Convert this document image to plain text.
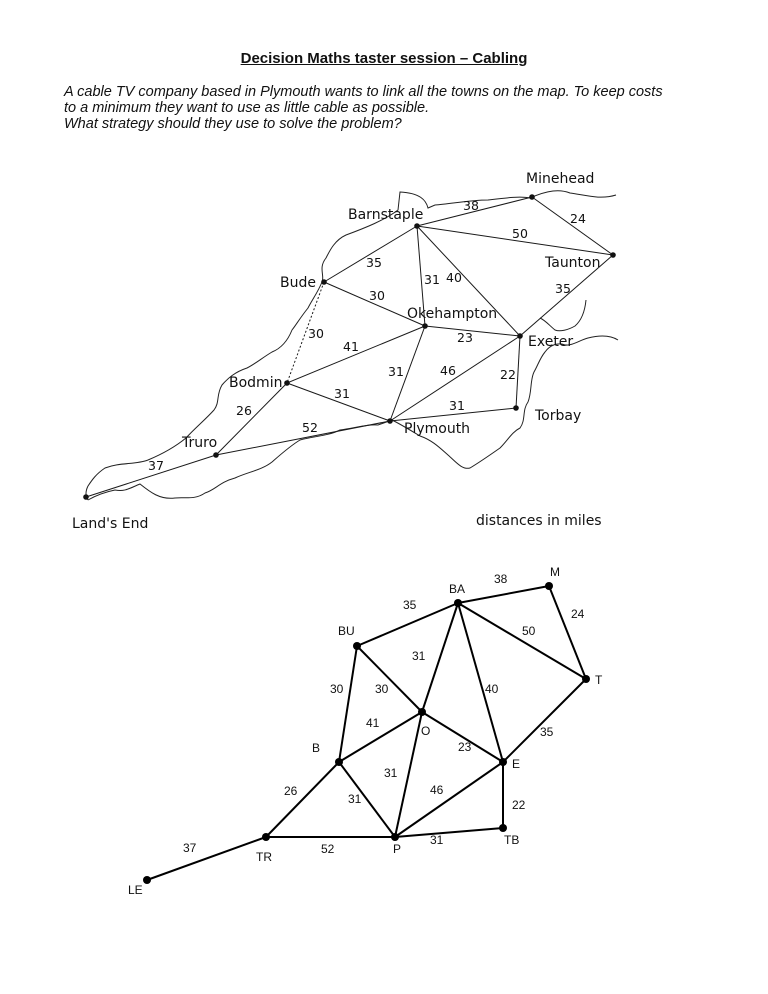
Decision Maths taster session – Cabling
A cable TV company based in Plymouth wants to link all the towns on the map. To keep costs
to a minimum they want to use as little cable as possible.
What strategy should they use to solve the problem?
Minehead
Barnstaple
Taunton
Bude
Okehampton
Exeter
Bodmin
Torbay
Truro
Plymouth
Land's End
38
24
50
35
31 40
30	35
30
41
23
31	46	22
31
31
26
52
37
distances in miles
M
BA
BU
T
O
B
E
TR
P
TB
LE
38
24
50
35
31
40
30
30
41
23
35
31
46
22
31
31
26
52
37
